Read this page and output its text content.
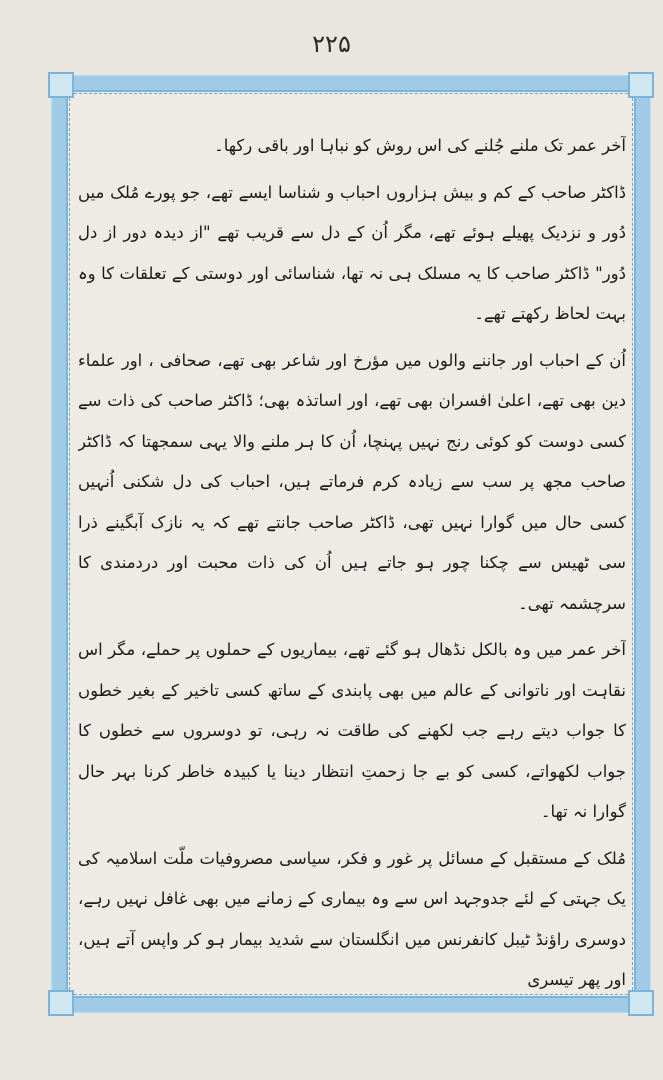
۲۲۵

آخر عمر تک ملنے جُلنے کی اس روش کو نباہا اور باقی رکھا۔

ڈاکٹر صاحب کے کم و بیش ہزاروں احباب و شناسا ایسے تھے، جو پورے مُلک میں دُور و نزدیک پھیلے ہوئے تھے، مگر اُن کے دل سے قریب تھے "از دیدہ دور از دل دُور" ڈاکٹر صاحب کا یہ مسلک ہی نہ تھا، شناسائی اور دوستی کے تعلقات کا وہ بہت لحاظ رکھتے تھے۔

اُن کے احباب اور جاننے والوں میں مؤرخ اور شاعر بھی تھے، صحافی ، اور علماء دین بھی تھے، اعلیٰ افسران بھی تھے، اور اساتذہ بھی؛ ڈاکٹر صاحب کی ذات سے کسی دوست کو کوئی رنج نہیں پہنچا، اُن کا ہر ملنے والا یہی سمجھتا کہ ڈاکٹر صاحب مجھ پر سب سے زیادہ کرم فرماتے ہیں، احباب کی دل شکنی اُنہیں کسی حال میں گوارا نہیں تھی، ڈاکٹر صاحب جانتے تھے کہ یہ نازک آبگینے ذرا سی ٹھیس سے چکنا چور ہو جاتے ہیں اُن کی ذات محبت اور دردمندی کا سرچشمہ تھی۔

آخر عمر میں وہ بالکل نڈھال ہو گئے تھے، بیماریوں کے حملوں پر حملے، مگر اس نقاہت اور ناتوانی کے عالم میں بھی پابندی کے ساتھ کسی تاخیر کے بغیر خطوں کا جواب دیتے رہے جب لکھنے کی طاقت نہ رہی، تو دوسروں سے خطوں کا جواب لکھواتے، کسی کو بے جا زحمتِ انتظار دینا یا کبیدہ خاطر کرنا بہر حال گوارا نہ تھا۔

مُلک کے مستقبل کے مسائل پر غور و فکر، سیاسی مصروفیات ملّت اسلامیہ کی یک جہتی کے لئے جدوجہد اس سے وہ بیماری کے زمانے میں بھی غافل نہیں رہے، دوسری راؤنڈ ٹیبل کانفرنس میں انگلستان سے شدید بیمار ہو کر واپس آتے ہیں، اور پھر تیسری
